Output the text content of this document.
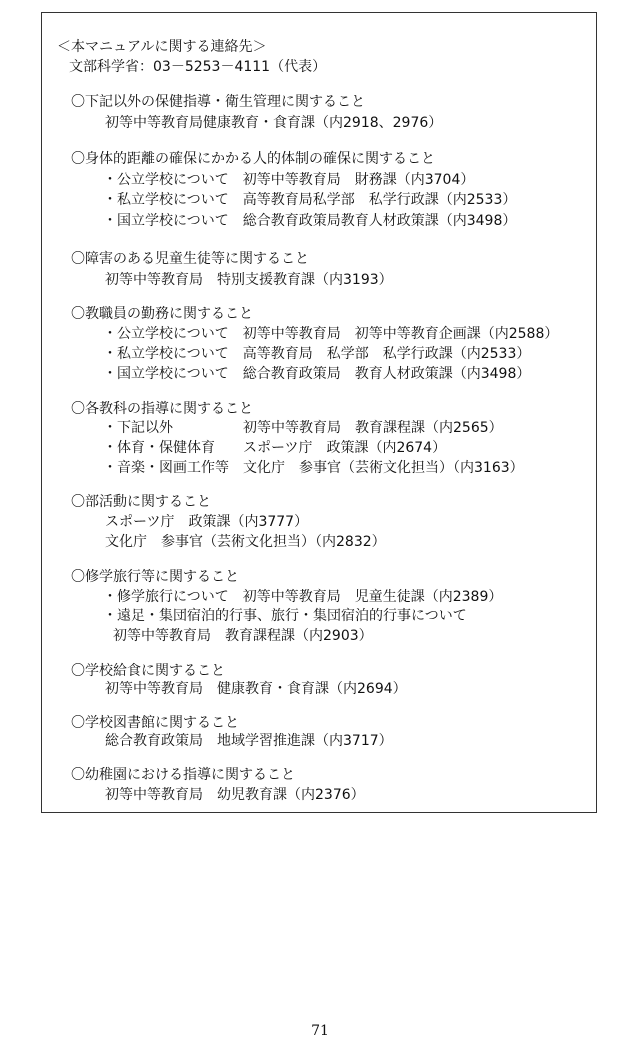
＜本マニュアルに関する連絡先＞
文部科学省：03－5253－4111（代表）
〇下記以外の保健指導・衛生管理に関すること
初等中等教育局健康教育・食育課（内2918、2976）
〇身体的距離の確保にかかる人的体制の確保に関すること
・公立学校について　初等中等教育局　財務課（内3704）
・私立学校について　高等教育局私学部　私学行政課（内2533）
・国立学校について　総合教育政策局教育人材政策課（内3498）
〇障害のある児童生徒等に関すること
初等中等教育局　特別支援教育課（内3193）
〇教職員の勤務に関すること
・公立学校について　初等中等教育局　初等中等教育企画課（内2588）
・私立学校について　高等教育局　私学部　私学行政課（内2533）
・国立学校について　総合教育政策局　教育人材政策課（内3498）
〇各教科の指導に関すること
・下記以外　　　　　初等中等教育局　教育課程課（内2565）
・体育・保健体育　　スポーツ庁　政策課（内2674）
・音楽・図画工作等　文化庁　参事官（芸術文化担当）（内3163）
〇部活動に関すること
スポーツ庁　政策課（内3777）
文化庁　参事官（芸術文化担当）（内2832）
〇修学旅行等に関すること
・修学旅行について　初等中等教育局　児童生徒課（内2389）
・遠足・集団宿泊的行事、旅行・集団宿泊的行事について
初等中等教育局　教育課程課（内2903）
〇学校給食に関すること
初等中等教育局　健康教育・食育課（内2694）
〇学校図書館に関すること
総合教育政策局　地域学習推進課（内3717）
〇幼稚園における指導に関すること
初等中等教育局　幼児教育課（内2376）
71
